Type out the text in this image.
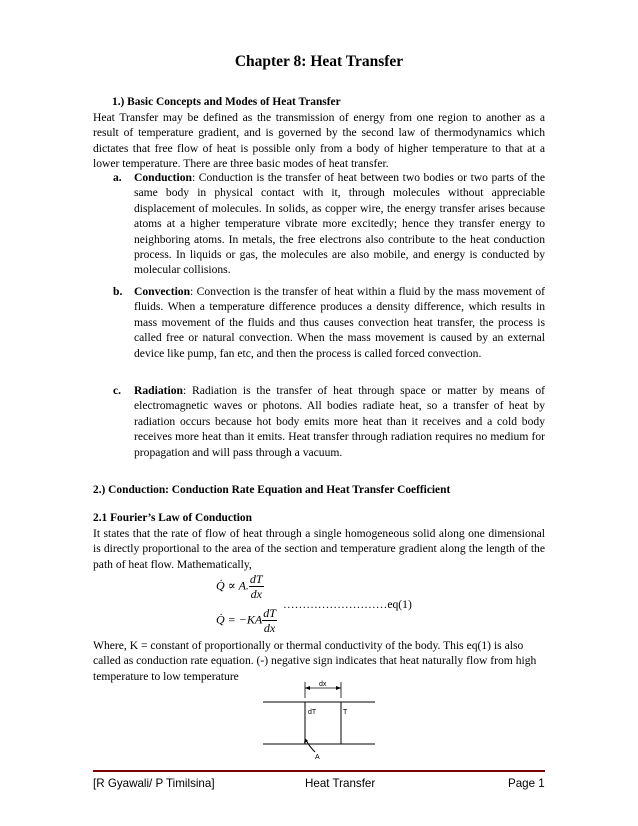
Chapter 8: Heat Transfer
1.) Basic Concepts and Modes of Heat Transfer
Heat Transfer may be defined as the transmission of energy from one region to another as a result of temperature gradient, and is governed by the second law of thermodynamics which dictates that free flow of heat is possible only from a body of higher temperature to that at a lower temperature. There are three basic modes of heat transfer.
a. Conduction: Conduction is the transfer of heat between two bodies or two parts of the same body in physical contact with it, through molecules without appreciable displacement of molecules. In solids, as copper wire, the energy transfer arises because atoms at a higher temperature vibrate more excitedly; hence they transfer energy to neighboring atoms. In metals, the free electrons also contribute to the heat conduction process. In liquids or gas, the molecules are also mobile, and energy is conducted by molecular collisions.
b. Convection: Convection is the transfer of heat within a fluid by the mass movement of fluids. When a temperature difference produces a density difference, which results in mass movement of the fluids and thus causes convection heat transfer, the process is called free or natural convection. When the mass movement is caused by an external device like pump, fan etc, and then the process is called forced convection.
c. Radiation: Radiation is the transfer of heat through space or matter by means of electromagnetic waves or photons. All bodies radiate heat, so a transfer of heat by radiation occurs because hot body emits more heat than it receives and a cold body receives more heat than it emits. Heat transfer through radiation requires no medium for propagation and will pass through a vacuum.
2.) Conduction: Conduction Rate Equation and Heat Transfer Coefficient
2.1 Fourier’s Law of Conduction
It states that the rate of flow of heat through a single homogeneous solid along one dimensional is directly proportional to the area of the section and temperature gradient along the length of the path of heat flow. Mathematically,
Q̇ ∝ A. $\frac{dT}{dx}$
………………………eq(1)
Q̇ = $-KA \frac{dT}{dx}$
Where, K = constant of proportionally or thermal conductivity of the body. This eq(1) is also called as conduction rate equation. (-) negative sign indicates that heat naturally flow from high temperature to low temperature
dx
dT	T
A
[R Gyawali/ P Timilsina]	Heat Transfer	Page 1
